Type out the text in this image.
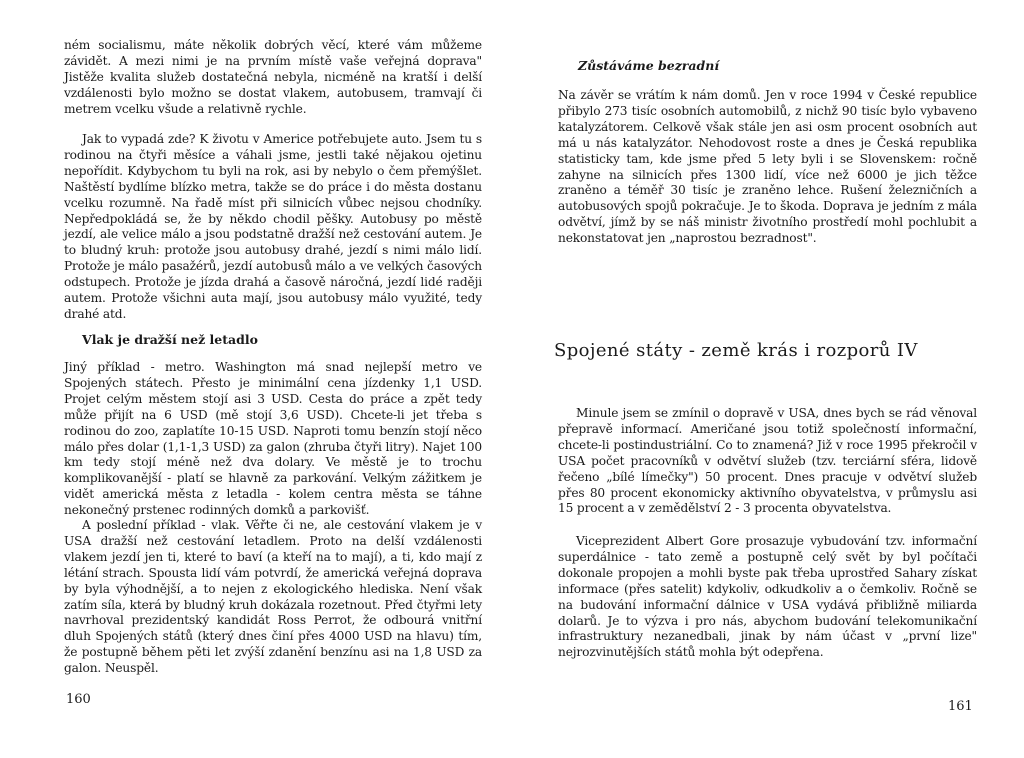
ném socialismu, máte několik dobrých věcí, které vám můžeme závidět. A mezi nimi je na prvním místě vaše veřejná doprava" Jistěže kvalita služeb dostatečná nebyla, nicméně na kratší i delší vzdálenosti bylo možno se dostat vlakem, autobusem, tramvají či metrem vcelku všude a relativně rychle.

Jak to vypadá zde? K životu v Americe potřebujete auto. Jsem tu s rodinou na čtyři měsíce a váhali jsme, jestli také nějakou ojetinu nepořídit. Kdybychom tu byli na rok, asi by nebylo o čem přemýšlet. Naštěstí bydlíme blízko metra, takže se do práce i do města dostanu vcelku rozumně. Na řadě míst při silnicích vůbec nejsou chodníky. Nepředpokládá se, že by někdo chodil pěšky. Autobusy po městě jezdí, ale velice málo a jsou podstatně dražší než cestování autem. Je to bludný kruh: protože jsou autobusy drahé, jezdí s nimi málo lidí. Protože je málo pasažérů, jezdí autobusů málo a ve velkých časových odstupech. Protože je jízda drahá a časově náročná, jezdí lidé raději autem. Protože všichni auta mají, jsou autobusy málo využité, tedy drahé atd.

Vlak je dražší než letadlo

Jiný příklad - metro. Washington má snad nejlepší metro ve Spojených státech. Přesto je minimální cena jízdenky 1,1 USD. Projet celým městem stojí asi 3 USD. Cesta do práce a zpět tedy může přijít na 6 USD (mě stojí 3,6 USD). Chcete-li jet třeba s rodinou do zoo, zaplatíte 10-15 USD. Naproti tomu benzín stojí něco málo přes dolar (1,1-1,3 USD) za galon (zhruba čtyři litry). Najet 100 km tedy stojí méně než dva dolary. Ve městě je to trochu komplikovanější - platí se hlavně za parkování. Velkým zážitkem je vidět americká města z letadla - kolem centra města se táhne nekonečný prstenec rodinných domků a parkovišť.

A poslední příklad - vlak. Věřte či ne, ale cestování vlakem je v USA dražší než cestování letadlem. Proto na delší vzdálenosti vlakem jezdí jen ti, které to baví (a kteří na to mají), a ti, kdo mají z létání strach. Spousta lidí vám potvrdí, že americká veřejná doprava by byla výhodnější, a to nejen z ekologického hlediska. Není však zatím síla, která by bludný kruh dokázala rozetnout. Před čtyřmi lety navrhoval prezidentský kandidát Ross Perrot, že odbourá vnitřní dluh Spojených států (který dnes činí přes 4000 USD na hlavu) tím, že postupně během pěti let zvýší zdanění benzínu asi na 1,8 USD za galon. Neuspěl.

160
Zůstáváme bezradní

Na závěr se vrátím k nám domů. Jen v roce 1994 v České republice přibylo 273 tisíc osobních automobilů, z nichž 90 tisíc bylo vybaveno katalyzátorem. Celkově však stále jen asi osm procent osobních aut má u nás katalyzátor. Nehodovost roste a dnes je Česká republika statisticky tam, kde jsme před 5 lety byli i se Slovenskem: ročně zahyne na silnicích přes 1300 lidí, více než 6000 je jich těžce zraněno a téměř 30 tisíc je zraněno lehce. Rušení železničních a autobusových spojů pokračuje. Je to škoda. Doprava je jedním z mála odvětví, jímž by se náš ministr životního prostředí mohl pochlubit a nekonstatovat jen „naprostou bezradnost".

Spojené státy - země krás i rozporů IV

Minule jsem se zmínil o dopravě v USA, dnes bych se rád věnoval přepravě informací. Američané jsou totiž společností informační, chcete-li postindustriální. Co to znamená? Již v roce 1995 překročil v USA počet pracovníků v odvětví služeb (tzv. terciární sféra, lidově řečeno „bílé límečky") 50 procent. Dnes pracuje v odvětví služeb přes 80 procent ekonomicky aktivního obyvatelstva, v průmyslu asi 15 procent a v zemědělství 2 - 3 procenta obyvatelstva.

Viceprezident Albert Gore prosazuje vybudování tzv. informační superdálnice - tato země a postupně celý svět by byl počítači dokonale propojen a mohli byste pak třeba uprostřed Sahary získat informace (přes satelit) kdykoliv, odkudkoliv a o čemkoliv. Ročně se na budování informační dálnice v USA vydává přibližně miliarda dolarů. Je to výzva i pro nás, abychom budování telekomunikační infrastruktury nezanedbali, jinak by nám účast v „první lize" nejrozvinutějších států mohla být odepřena.

161
